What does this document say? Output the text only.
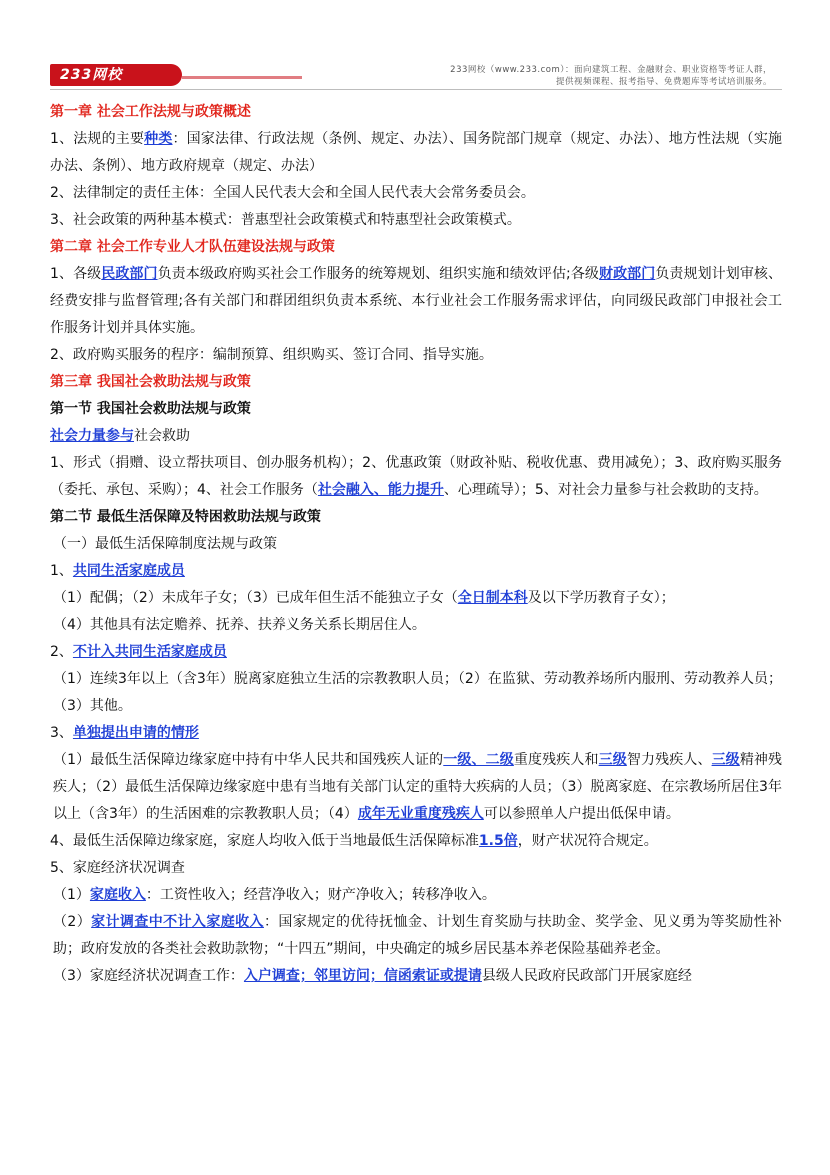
233网校	233网校（www.233.com）：面向建筑工程、金融财会、职业资格等考证人群，
提供视频课程、报考指导、免费题库等考试培训服务。

第一章 社会工作法规与政策概述

1、法规的主要种类：国家法律、行政法规（条例、规定、办法）、国务院部门规章（规定、办法）、地方性法规（实施办法、条例）、地方政府规章（规定、办法）

2、法律制定的责任主体：全国人民代表大会和全国人民代表大会常务委员会。

3、社会政策的两种基本模式：普惠型社会政策模式和特惠型社会政策模式。

第二章 社会工作专业人才队伍建设法规与政策

1、各级民政部门负责本级政府购买社会工作服务的统筹规划、组织实施和绩效评估;各级财政部门负责规划计划审核、经费安排与监督管理;各有关部门和群团组织负责本系统、本行业社会工作服务需求评估，向同级民政部门申报社会工作服务计划并具体实施。

2、政府购买服务的程序：编制预算、组织购买、签订合同、指导实施。

第三章 我国社会救助法规与政策

第一节 我国社会救助法规与政策

社会力量参与社会救助

1、形式（捐赠、设立帮扶项目、创办服务机构）；2、优惠政策（财政补贴、税收优惠、费用减免）；3、政府购买服务（委托、承包、采购）；4、社会工作服务（社会融入、能力提升、心理疏导）；5、对社会力量参与社会救助的支持。

第二节 最低生活保障及特困救助法规与政策

（一）最低生活保障制度法规与政策

1、共同生活家庭成员

（1）配偶；（2）未成年子女；（3）已成年但生活不能独立子女（全日制本科及以下学历教育子女）；

（4）其他具有法定赡养、抚养、扶养义务关系长期居住人。

2、不计入共同生活家庭成员

（1）连续3年以上（含3年）脱离家庭独立生活的宗教教职人员；（2）在监狱、劳动教养场所内服刑、劳动教养人员；（3）其他。

3、单独提出申请的情形

（1）最低生活保障边缘家庭中持有中华人民共和国残疾人证的一级、二级重度残疾人和三级智力残疾人、三级精神残疾人；（2）最低生活保障边缘家庭中患有当地有关部门认定的重特大疾病的人员；（3）脱离家庭、在宗教场所居住3年以上（含3年）的生活困难的宗教教职人员；（4）成年无业重度残疾人可以参照单人户提出低保申请。

4、最低生活保障边缘家庭，家庭人均收入低于当地最低生活保障标准1.5倍，财产状况符合规定。

5、家庭经济状况调查

（1）家庭收入：工资性收入；经营净收入；财产净收入；转移净收入。

（2）家计调查中不计入家庭收入：国家规定的优待抚恤金、计划生育奖励与扶助金、奖学金、见义勇为等奖励性补助；政府发放的各类社会救助款物；“十四五”期间，中央确定的城乡居民基本养老保险基础养老金。

（3）家庭经济状况调查工作：入户调查；邻里访问；信函索证或提请县级人民政府民政部门开展家庭经
